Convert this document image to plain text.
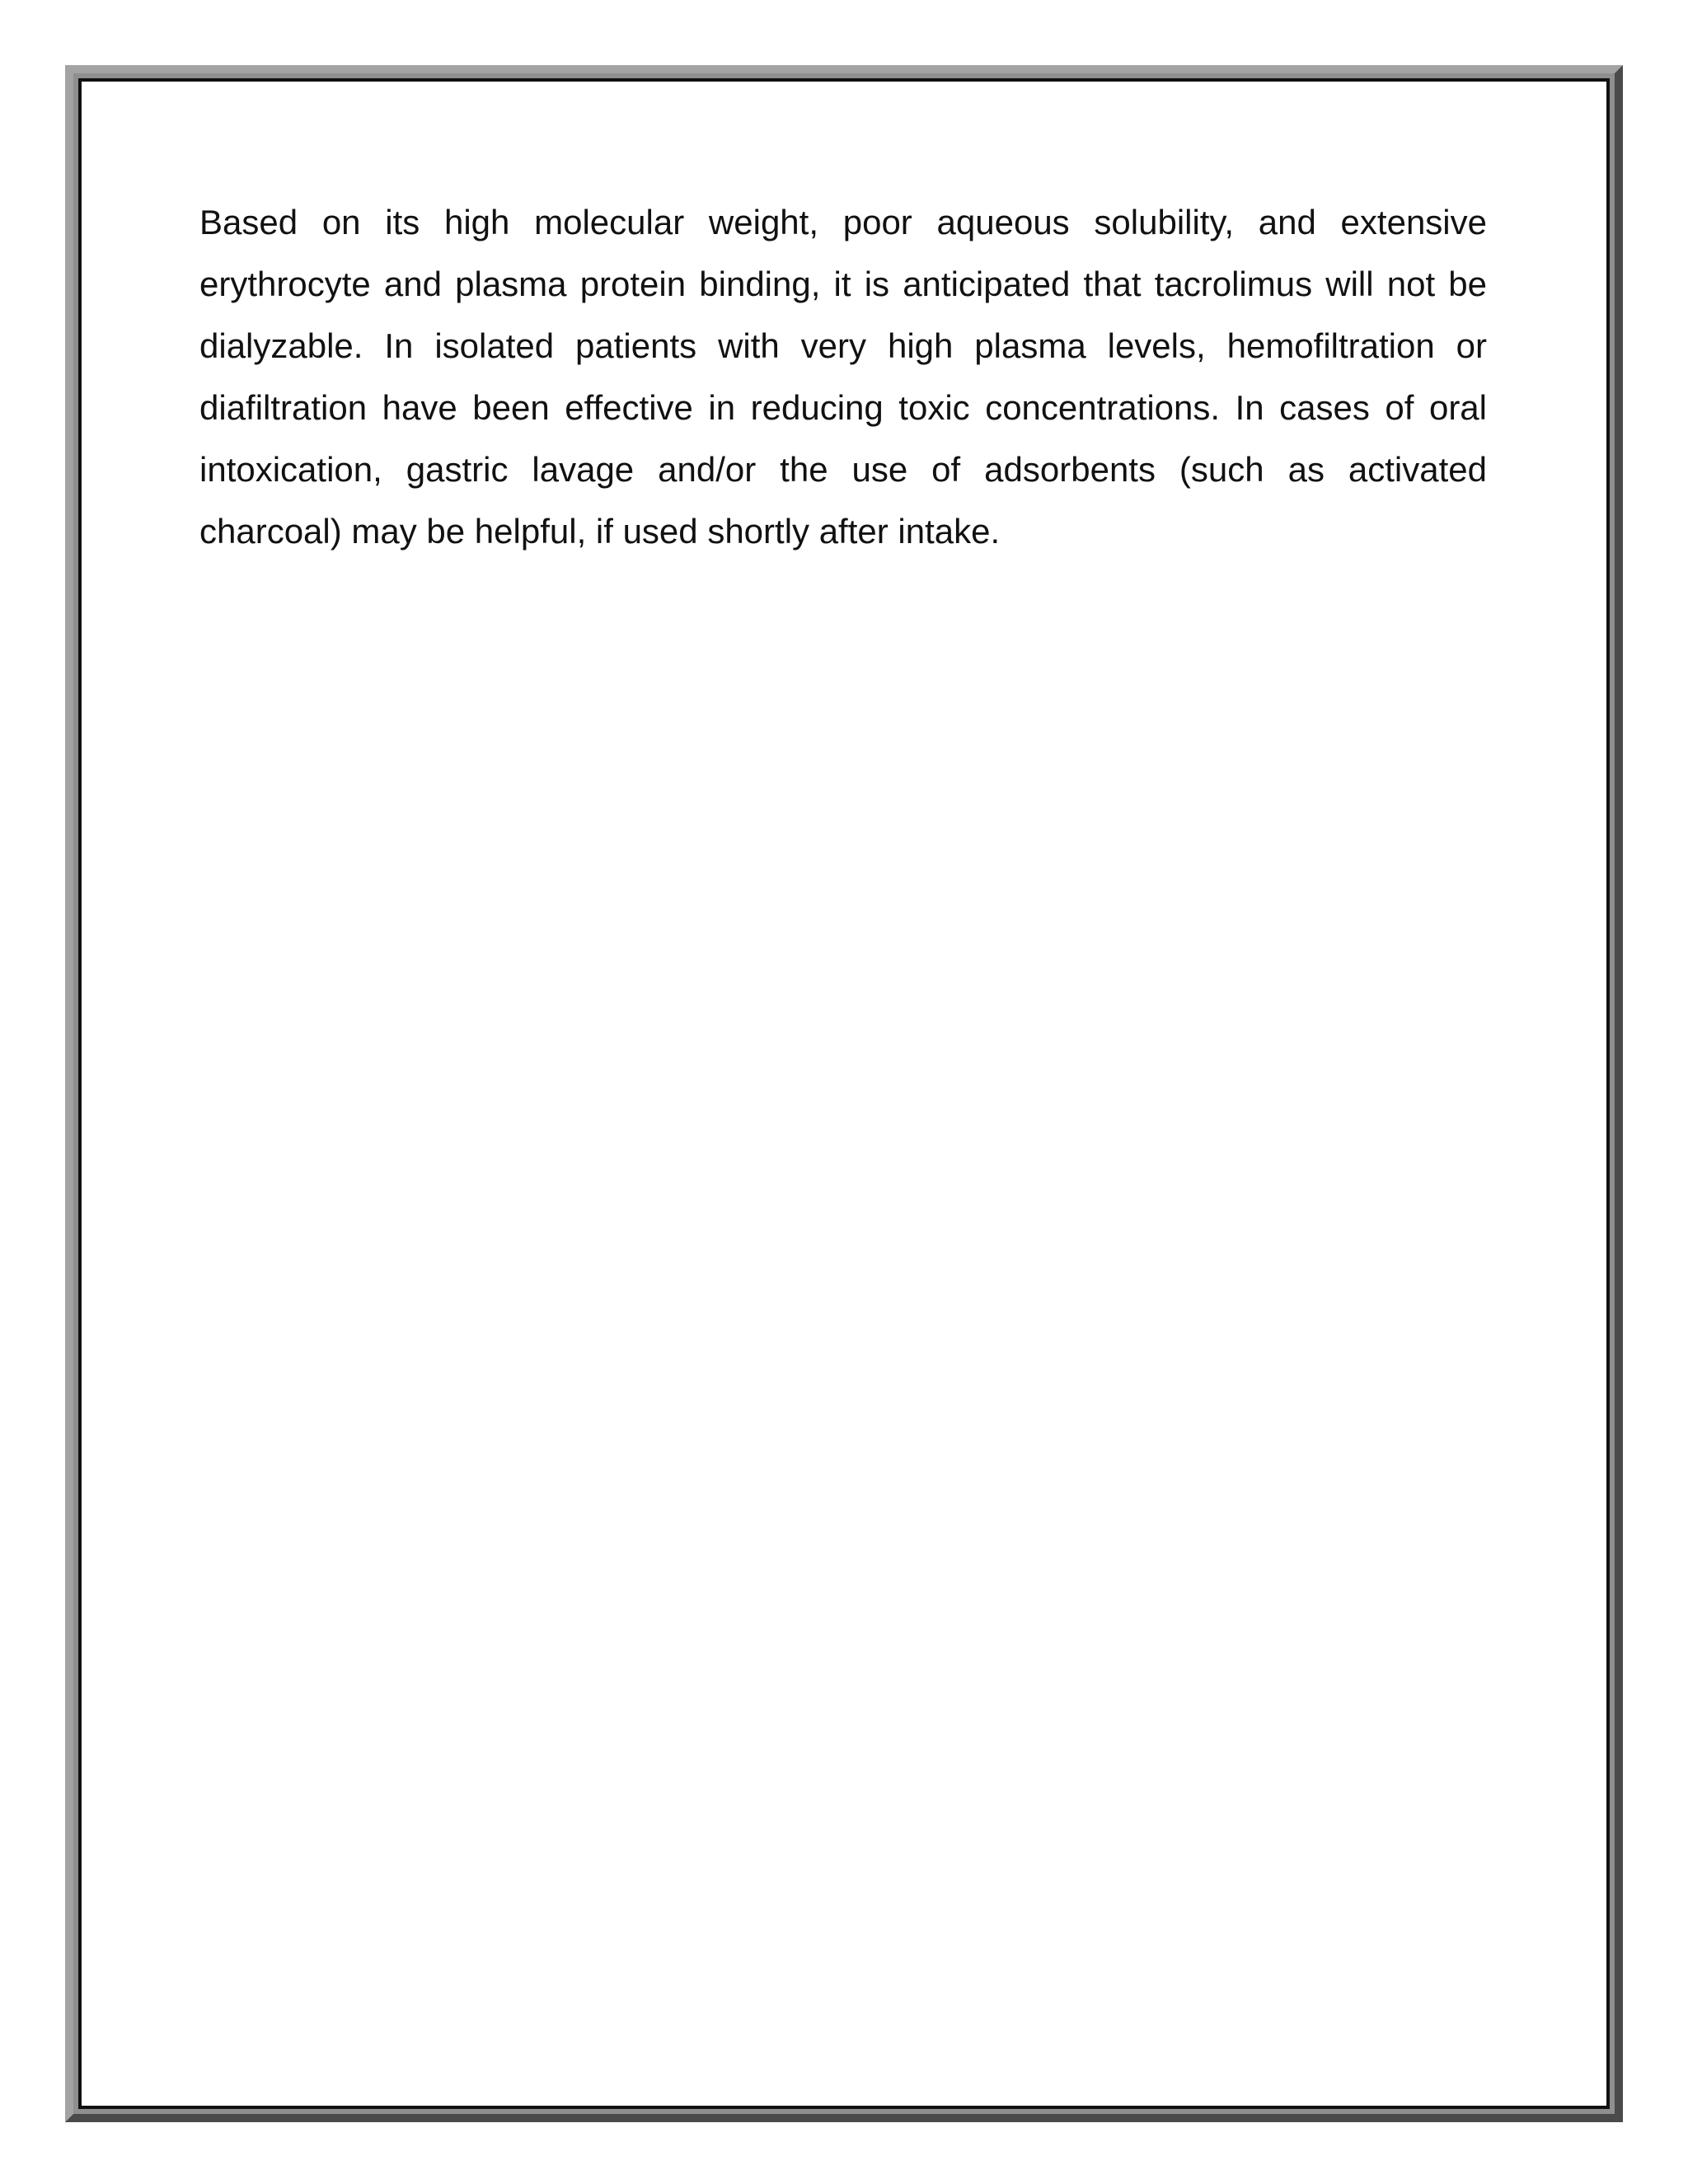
Based on its high molecular weight, poor aqueous solubility, and extensive erythrocyte and plasma protein binding, it is anticipated that tacrolimus will not be dialyzable. In isolated patients with very high plasma levels, hemofiltration or diafiltration have been effective in reducing toxic concentrations. In cases of oral intoxication, gastric lavage and/or the use of adsorbents (such as activated charcoal) may be helpful, if used shortly after intake.
